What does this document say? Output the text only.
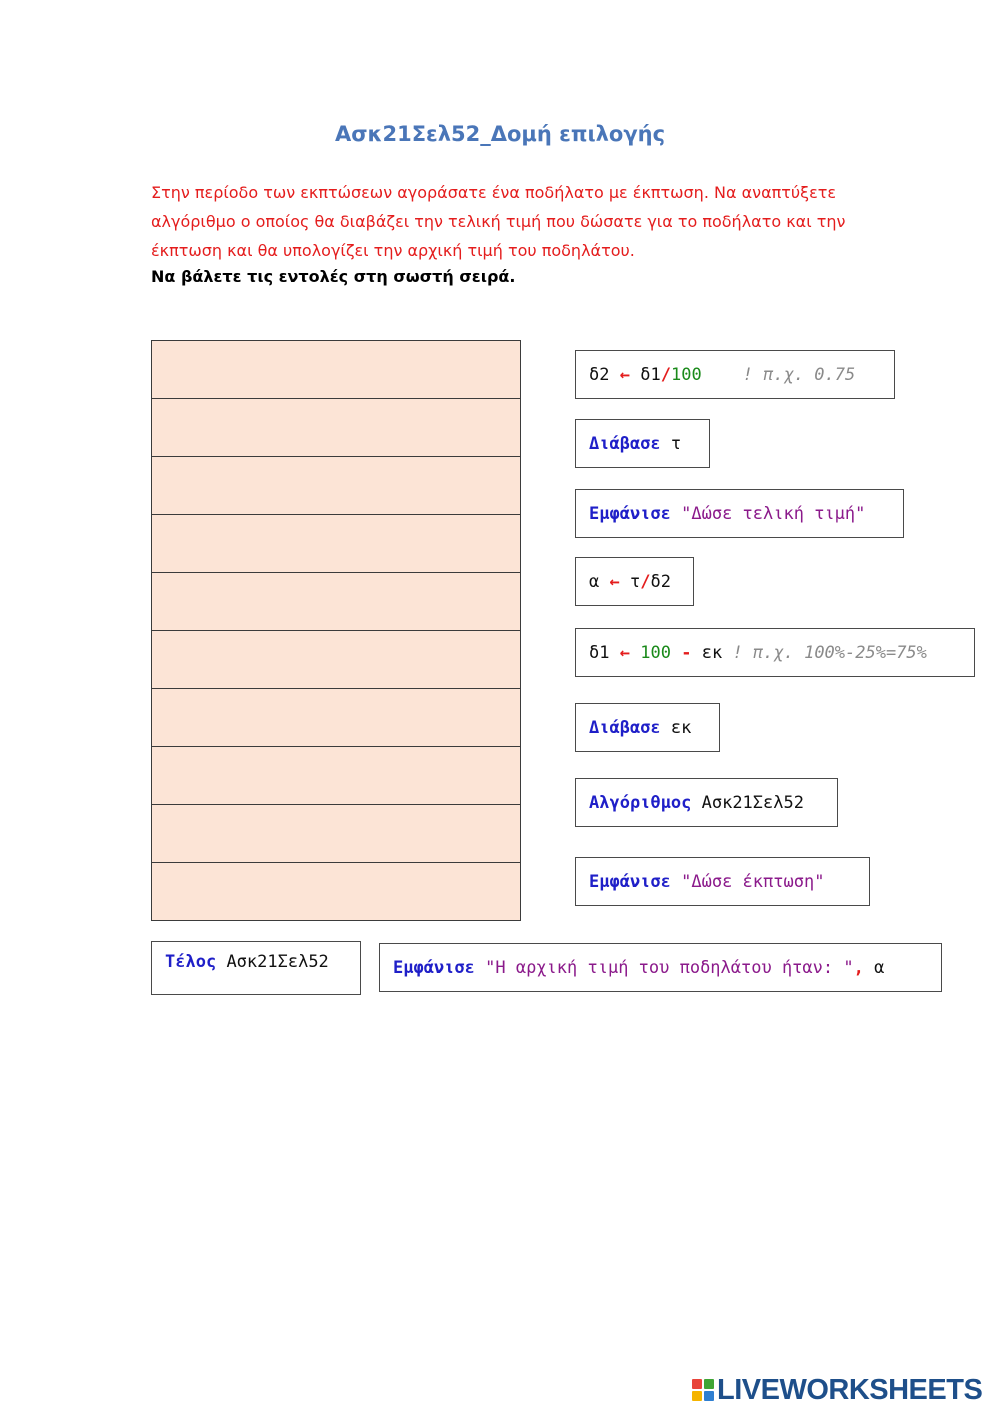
Ασκ21Σελ52_Δομή επιλογής

Στην περίοδο των εκπτώσεων αγοράσατε ένα ποδήλατο με έκπτωση. Να αναπτύξετε

αλγόριθμο ο οποίος θα διαβάζει την τελική τιμή που δώσατε για το ποδήλατο και την

έκπτωση και θα υπολογίζει την αρχική τιμή του ποδηλάτου.

Να βάλετε τις εντολές στη σωστή σειρά.
δ2
←
δ1 / 100
! π.χ. 0.75
Διάβασε
τ
Εμφάνισε
"Δώσε τελική τιμή"
α
←
τ / δ2
δ1
←
100
-
εκ
! π.χ. 100%-25%=75%
Διάβασε
εκ
Αλγόριθμος
Ασκ21Σελ52
Εμφάνισε
"Δώσε έκπτωση"
Τέλος
Ασκ21Σελ52	Εμφάνισε
"Η αρχική τιμή του ποδηλάτου ήταν: " ,
α
LIVEWORKSHEETS
